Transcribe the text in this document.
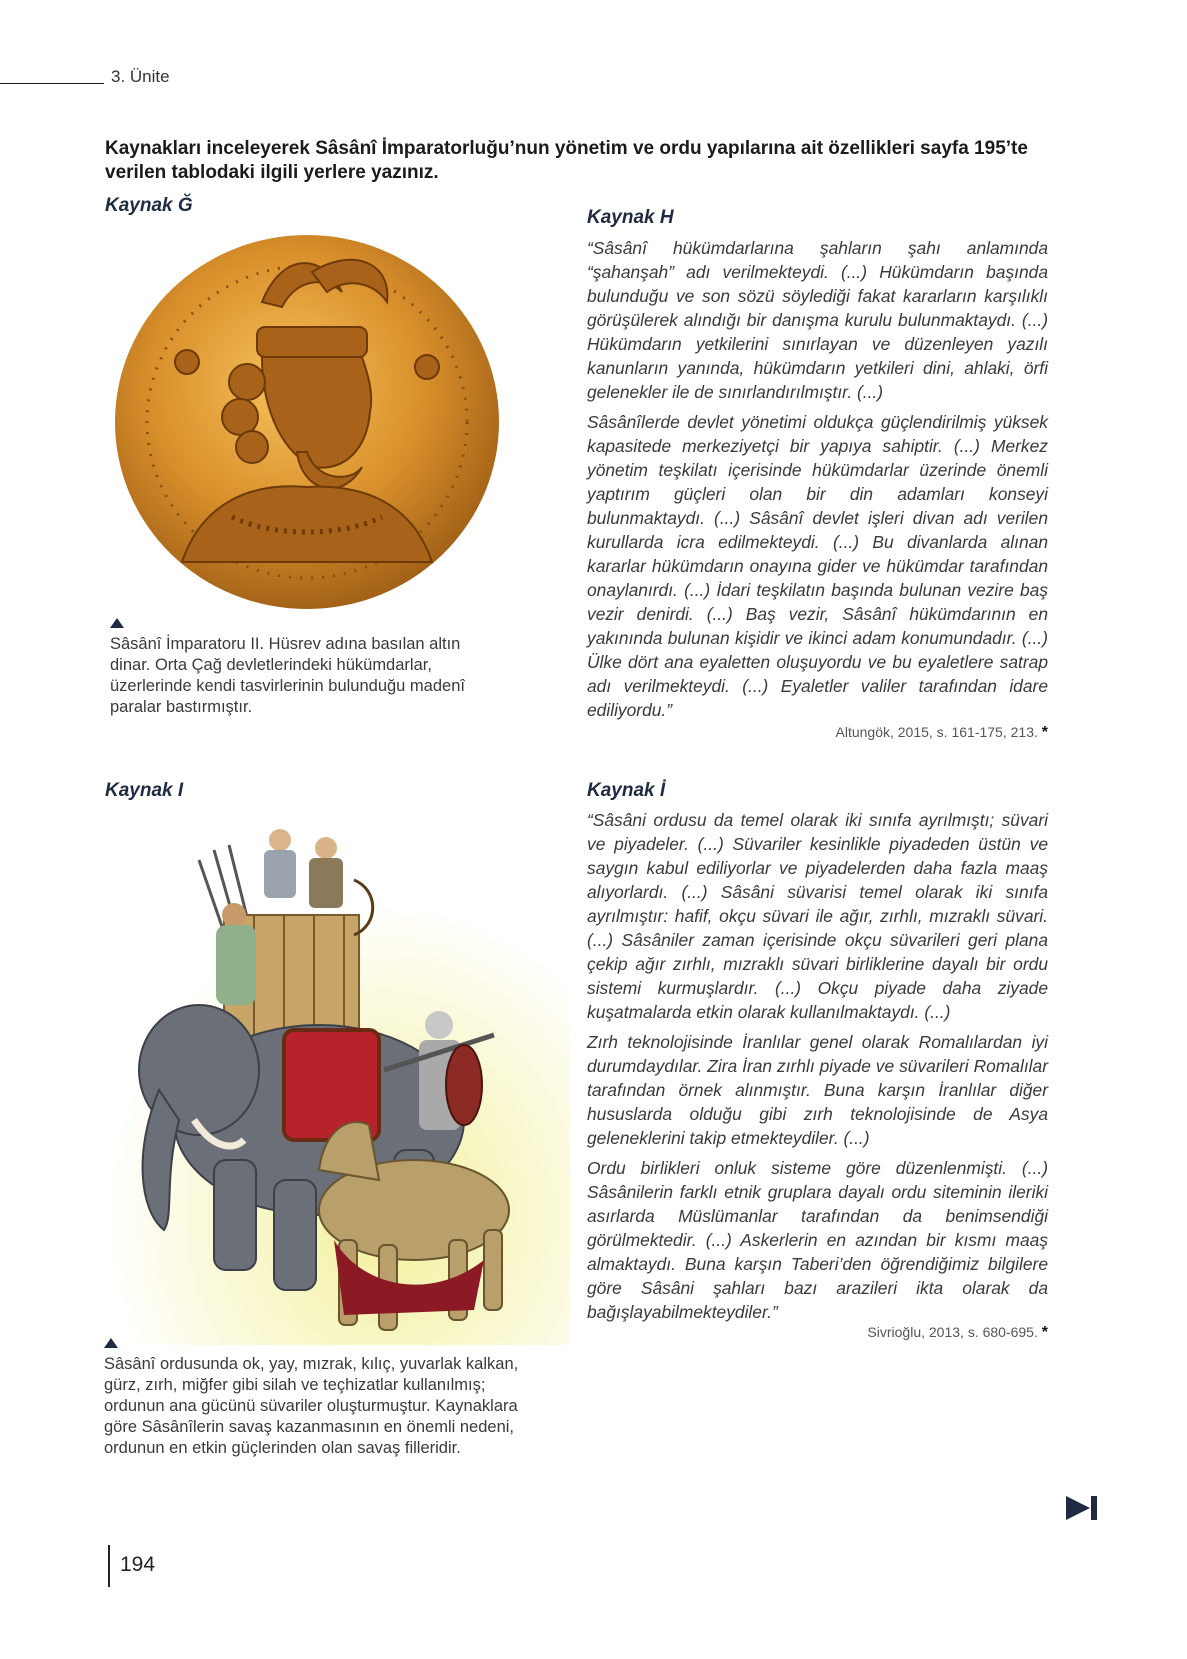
3. Ünite
Kaynakları inceleyerek Sâsânî İmparatorluğu’nun yönetim ve ordu yapılarına ait özellikleri sayfa 195’te verilen tablodaki ilgili yerlere yazınız.
Kaynak Ğ

Sâsânî İmparatoru II. Hüsrev adına basılan altın dinar. Orta Çağ devletlerindeki hükümdarlar, üzerlerinde kendi tasvirlerinin bulunduğu madenî paralar bastırmıştır.

Kaynak H

“Sâsânî hükümdarlarına şahların şahı anlamında “şahanşah” adı verilmekteydi. (...) Hükümdarın başında bulunduğu ve son sözü söylediği fakat kararların karşılıklı görüşülerek alındığı bir danışma kurulu bulunmaktaydı. (...) Hükümdarın yetkilerini sınırlayan ve düzenleyen yazılı kanunların yanında, hükümdarın yetkileri dini, ahlaki, örfi gelenekler ile de sınırlandırılmıştır. (...)

Sâsânîlerde devlet yönetimi oldukça güçlendirilmiş yüksek kapasitede merkeziyetçi bir yapıya sahiptir. (...) Merkez yönetim teşkilatı içerisinde hükümdarlar üzerinde önemli yaptırım güçleri olan bir din adamları konseyi bulunmaktaydı. (...) Sâsânî devlet işleri divan adı verilen kurullarda icra edilmekteydi. (...) Bu divanlarda alınan kararlar hükümdarın onayına gider ve hükümdar tarafından onaylanırdı. (...) İdari teşkilatın başında bulunan vezire baş vezir denirdi. (...) Baş vezir, Sâsânî hükümdarının en yakınında bulunan kişidir ve ikinci adam konumundadır. (...) Ülke dört ana eyaletten oluşuyordu ve bu eyaletlere satrap adı verilmekteydi. (...) Eyaletler valiler tarafından idare ediliyordu.”

Altungök, 2015, s. 161-175, 213. *
Kaynak I

Sâsânî ordusunda ok, yay, mızrak, kılıç, yuvarlak kalkan, gürz, zırh, miğfer gibi silah ve teçhizatlar kullanılmış; ordunun ana gücünü süvariler oluşturmuştur. Kaynaklara göre Sâsânîlerin savaş kazanmasının en önemli nedeni, ordunun en etkin güçlerinden olan savaş filleridir.

Kaynak İ

“Sâsâni ordusu da temel olarak iki sınıfa ayrılmıştı; süvari ve piyadeler. (...) Süvariler kesinlikle piyadeden üstün ve saygın kabul ediliyorlar ve piyadelerden daha fazla maaş alıyorlardı. (...) Sâsâni süvarisi temel olarak iki sınıfa ayrılmıştır: hafif, okçu süvari ile ağır, zırhlı, mızraklı süvari. (...) Sâsâniler zaman içerisinde okçu süvarileri geri plana çekip ağır zırhlı, mızraklı süvari birliklerine dayalı bir ordu sistemi kurmuşlardır. (...) Okçu piyade daha ziyade kuşatmalarda etkin olarak kullanılmaktaydı. (...)

Zırh teknolojisinde İranlılar genel olarak Romalılardan iyi durumdaydılar. Zira İran zırhlı piyade ve süvarileri Romalılar tarafından örnek alınmıştır. Buna karşın İranlılar diğer hususlarda olduğu gibi zırh teknolojisinde de Asya geleneklerini takip etmekteydiler. (...)

Ordu birlikleri onluk sisteme göre düzenlenmişti. (...) Sâsânilerin farklı etnik gruplara dayalı ordu siteminin ileriki asırlarda Müslümanlar tarafından da benimsendiği görülmektedir. (...) Askerlerin en azından bir kısmı maaş almaktaydı. Buna karşın Taberi’den öğrendiğimiz bilgilere göre Sâsâni şahları bazı arazileri ikta olarak da bağışlayabilmekteydiler.”

Sivrioğlu, 2013, s. 680-695. *
194
